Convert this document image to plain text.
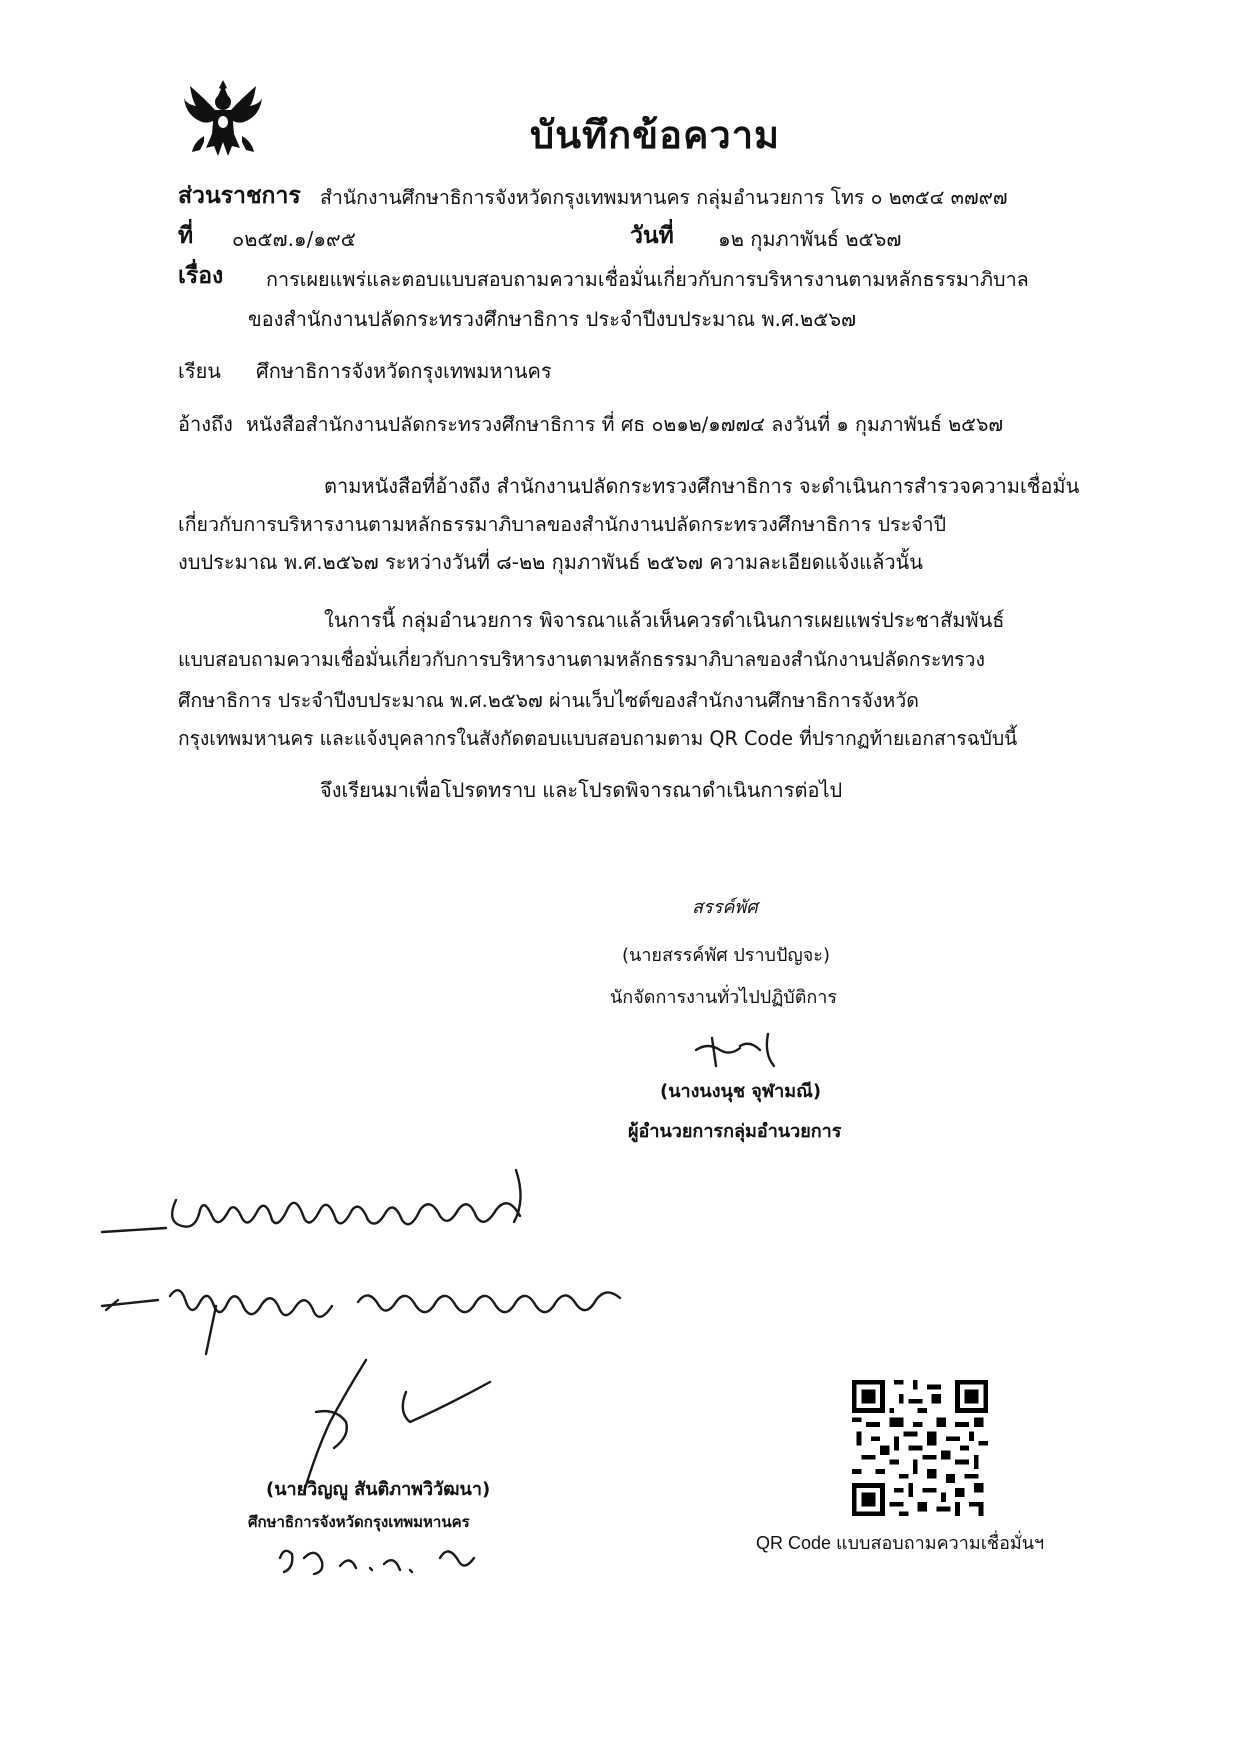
บันทึกข้อความ
ส่วนราชการ สำนักงานศึกษาธิการจังหวัดกรุงเทพมหานคร กลุ่มอำนวยการ โทร ๐ ๒๓๕๔ ๓๗๙๗
ที่ ๐๒๕๗.๑/๑๙๕	วันที่ ๑๒ กุมภาพันธ์ ๒๕๖๗
เรื่อง การเผยแพร่และตอบแบบสอบถามความเชื่อมั่นเกี่ยวกับการบริหารงานตามหลักธรรมาภิบาล
ของสำนักงานปลัดกระทรวงศึกษาธิการ ประจำปีงบประมาณ พ.ศ.๒๕๖๗
เรียน ศึกษาธิการจังหวัดกรุงเทพมหานคร
อ้างถึง หนังสือสำนักงานปลัดกระทรวงศึกษาธิการ ที่ ศธ ๐๒๑๒/๑๗๗๔ ลงวันที่ ๑ กุมภาพันธ์ ๒๕๖๗
ตามหนังสือที่อ้างถึง สำนักงานปลัดกระทรวงศึกษาธิการ จะดำเนินการสำรวจความเชื่อมั่น
เกี่ยวกับการบริหารงานตามหลักธรรมาภิบาลของสำนักงานปลัดกระทรวงศึกษาธิการ ประจำปี
งบประมาณ พ.ศ.๒๕๖๗ ระหว่างวันที่ ๘-๒๒ กุมภาพันธ์ ๒๕๖๗ ความละเอียดแจ้งแล้วนั้น
ในการนี้ กลุ่มอำนวยการ พิจารณาแล้วเห็นควรดำเนินการเผยแพร่ประชาสัมพันธ์
แบบสอบถามความเชื่อมั่นเกี่ยวกับการบริหารงานตามหลักธรรมาภิบาลของสำนักงานปลัดกระทรวง
ศึกษาธิการ ประจำปีงบประมาณ พ.ศ.๒๕๖๗ ผ่านเว็บไซต์ของสำนักงานศึกษาธิการจังหวัด
กรุงเทพมหานคร และแจ้งบุคลากรในสังกัดตอบแบบสอบถามตาม QR Code ที่ปรากฏท้ายเอกสารฉบับนี้
จึงเรียนมาเพื่อโปรดทราบ และโปรดพิจารณาดำเนินการต่อไป
สรรค์พัศ
(นายสรรค์พัศ ปราบปัญจะ)
นักจัดการงานทั่วไปปฏิบัติการ
(นางนงนุช จุฬามณี)
ผู้อำนวยการกลุ่มอำนวยการ
(นายวิญญู สันติภาพวิวัฒนา)
ศึกษาธิการจังหวัดกรุงเทพมหานคร
QR Code แบบสอบถามความเชื่อมั่นฯ
